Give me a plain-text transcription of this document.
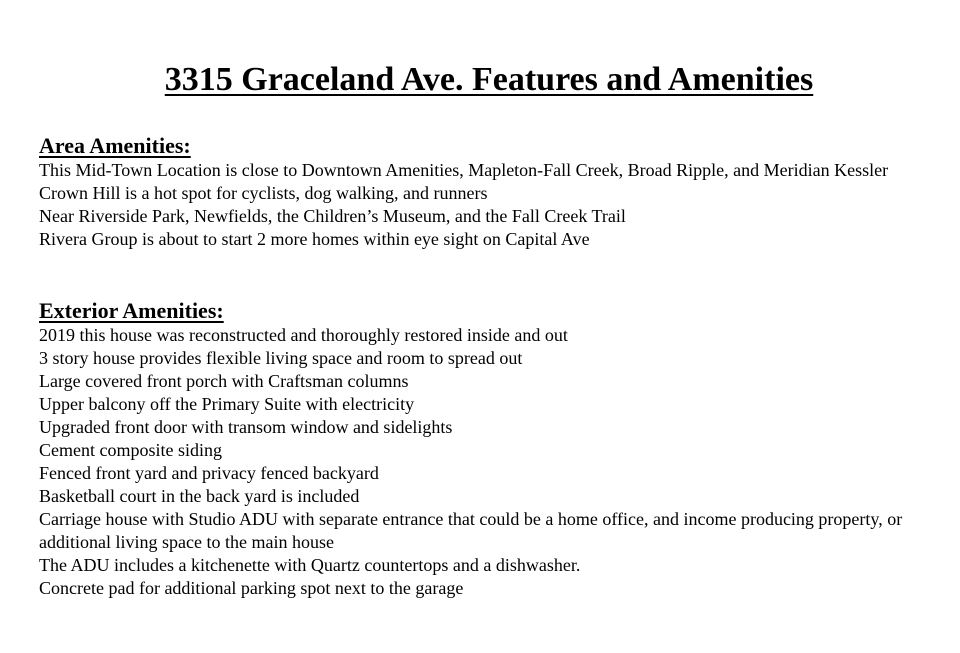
3315 Graceland Ave. Features and Amenities
Area Amenities:
This Mid-Town Location is close to Downtown Amenities, Mapleton-Fall Creek, Broad Ripple, and Meridian Kessler
Crown Hill is a hot spot for cyclists, dog walking, and runners
Near Riverside Park, Newfields, the Children’s Museum, and the Fall Creek Trail
Rivera Group is about to start 2 more homes within eye sight on Capital Ave
Exterior Amenities:
2019 this house was reconstructed and thoroughly restored inside and out
3 story house provides flexible living space and room to spread out
Large covered front porch with Craftsman columns
Upper balcony off the Primary Suite with electricity
Upgraded front door with transom window and sidelights
Cement composite siding
Fenced front yard and privacy fenced backyard
Basketball court in the back yard is included
Carriage house with Studio ADU with separate entrance that could be a home office, and income producing property, or additional living space to the main house
The ADU includes a kitchenette with Quartz countertops and a dishwasher.
Concrete pad for additional parking spot next to the garage
